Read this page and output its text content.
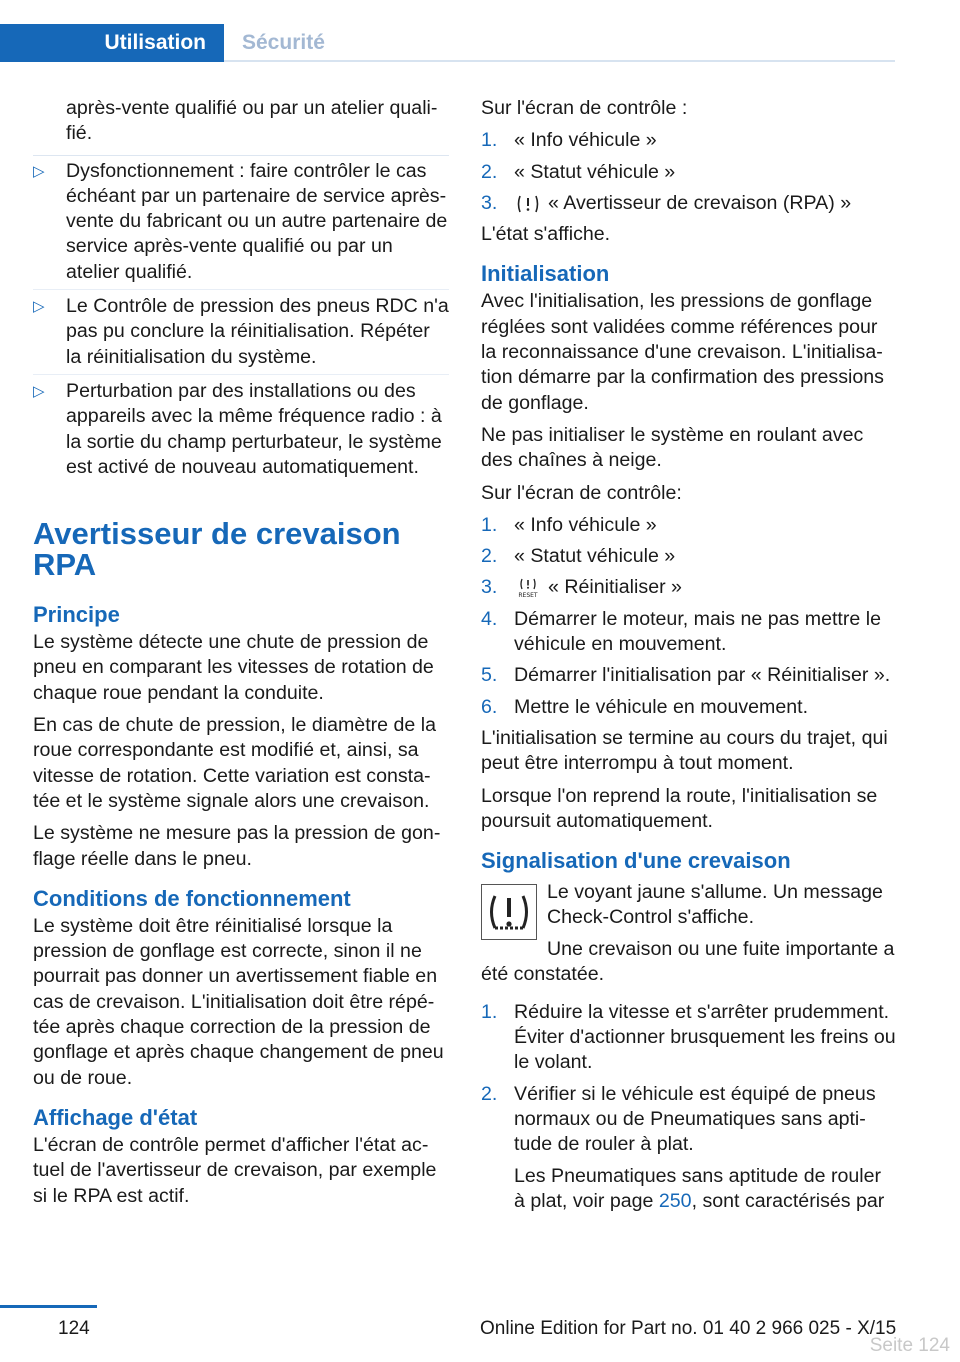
Utilisation	Sécurité

après-vente qualifié ou par un atelier qualifié.

▷	Dysfonctionnement : faire contrôler le cas échéant par un partenaire de service après-vente du fabricant ou un autre partenaire de service après-vente qualifié ou par un atelier qualifié.
▷	Le Contrôle de pression des pneus RDC n'a pas pu conclure la réinitialisation. Répéter la réinitialisation du système.
▷	Perturbation par des installations ou des appareils avec la même fréquence radio : à la sortie du champ perturbateur, le système est activé de nouveau automatiquement.
Avertisseur de crevaison RPA
Principe

Le système détecte une chute de pression de pneu en comparant les vitesses de rotation de chaque roue pendant la conduite.

En cas de chute de pression, le diamètre de la roue correspondante est modifié et, ainsi, sa vitesse de rotation. Cette variation est constatée et le système signale alors une crevaison.

Le système ne mesure pas la pression de gonflage réelle dans le pneu.

Conditions de fonctionnement

Le système doit être réinitialisé lorsque la pression de gonflage est correcte, sinon il ne pourrait pas donner un avertissement fiable en cas de crevaison. L'initialisation doit être répétée après chaque correction de la pression de gonflage et après chaque changement de pneu ou de roue.

Affichage d'état

L'écran de contrôle permet d'afficher l'état actuel de l'avertisseur de crevaison, par exemple si le RPA est actif.

Sur l'écran de contrôle :

1. « Info véhicule »
2. « Statut véhicule »
3.	« Avertisseur de crevaison (RPA) »

L'état s'affiche.

Initialisation

Avec l'initialisation, les pressions de gonflage réglées sont validées comme références pour la reconnaissance d'une crevaison. L'initialisation démarre par la confirmation des pressions de gonflage.

Ne pas initialiser le système en roulant avec des chaînes à neige.

Sur l'écran de contrôle:

1. « Info véhicule »
2. « Statut véhicule »
3.	RESET « Réinitialiser »
4. Démarrer le moteur, mais ne pas mettre le véhicule en mouvement.
5. Démarrer l'initialisation par « Réinitialiser ».
6. Mettre le véhicule en mouvement.

L'initialisation se termine au cours du trajet, qui peut être interrompu à tout moment.

Lorsque l'on reprend la route, l'initialisation se poursuit automatiquement.

Signalisation d'une crevaison

Le voyant jaune s'allume. Un message Check-Control s'affiche.

Une crevaison ou une fuite importante a été constatée.

1. Réduire la vitesse et s'arrêter prudemment. Éviter d'actionner brusquement les freins ou le volant.
2. Vérifier si le véhicule est équipé de pneus normaux ou de Pneumatiques sans aptitude de rouler à plat.

Les Pneumatiques sans aptitude de rouler à plat, voir page 250, sont caractérisés par

124	Online Edition for Part no. 01 40 2 966 025 - X/15
Seite 124
